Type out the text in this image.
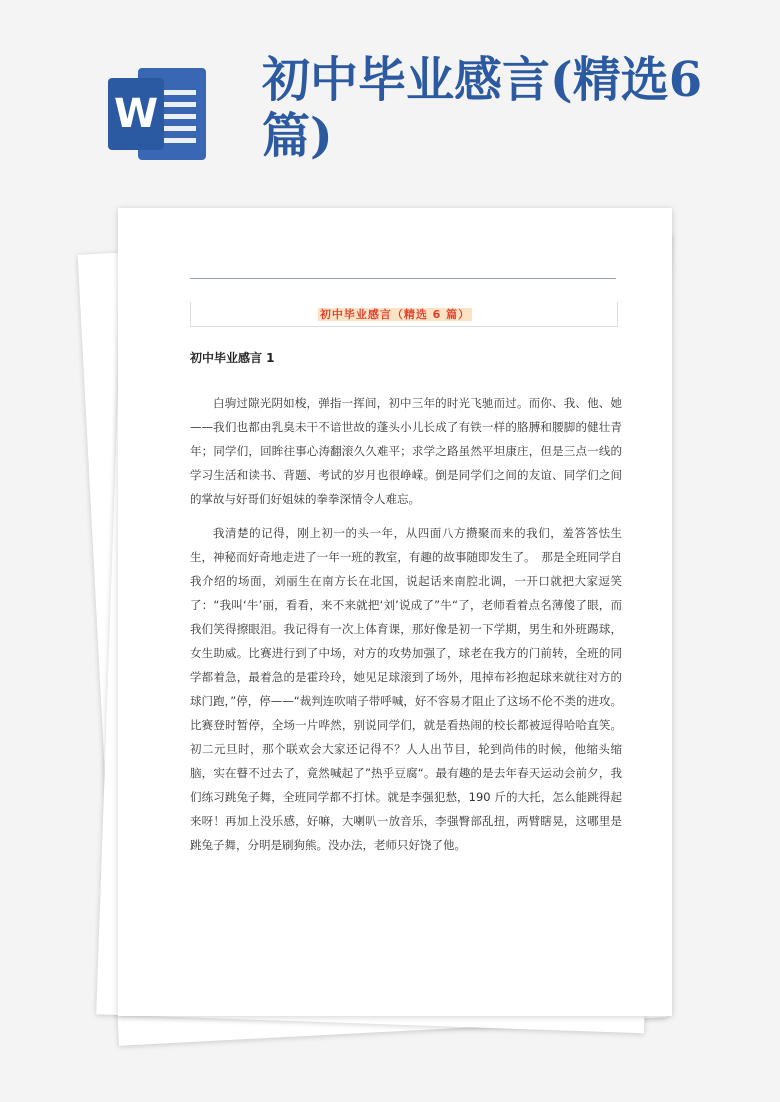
W
初中毕业感言(精选6篇)

初中毕业感言（精选 6 篇）

初中毕业感言 1

白驹过隙光阴如梭，弹指一挥间，初中三年的时光飞驰而过。而你、我、他、她——我们也都由乳臭未干不谙世故的蓬头小儿长成了有铁一样的胳膊和腰脚的健壮青年；同学们，回眸往事心涛翻滚久久难平；求学之路虽然平坦康庄，但是三点一线的学习生活和读书、背题、考试的岁月也很峥嵘。倒是同学们之间的友谊、同学们之间的掌故与好哥们好姐妹的拳拳深情令人难忘。

我清楚的记得，刚上初一的头一年，从四面八方攒聚而来的我们，羞答答怯生生，神秘而好奇地走进了一年一班的教室，有趣的故事随即发生了。　那是全班同学自我介绍的场面，刘丽生在南方长在北国，说起话来南腔北调，一开口就把大家逗笑了：“我叫‘牛’丽，看看，来不来就把‘刘’说成了”牛“了，老师看着点名薄傻了眼，而我们笑得擦眼泪。我记得有一次上体育课，那好像是初一下学期，男生和外班踢球，女生助威。比赛进行到了中场，对方的攻势加强了，球老在我方的门前转，全班的同学都着急，最着急的是霍玲玲，她见足球滚到了场外，甩掉布衫抱起球来就往对方的球门跑，”停，停——“裁判连吹哨子带呼喊，好不容易才阻止了这场不伦不类的进攻。比赛登时暂停，全场一片哗然，别说同学们，就是看热闹的校长都被逗得哈哈直笑。初二元旦时，那个联欢会大家还记得不？人人出节目，轮到尚伟的时候，他缩头缩脑，实在瞽不过去了，竟然喊起了”热乎豆腐“。最有趣的是去年春天运动会前夕，我们练习跳兔子舞，全班同学都不打怵。就是李强犯愁，190 斤的大托，怎么能跳得起来呀！再加上没乐感，好嘛，大喇叭一放音乐，李强臀部乱扭，两臂瞎晃，这哪里是跳兔子舞，分明是刷狗熊。没办法，老师只好饶了他。
